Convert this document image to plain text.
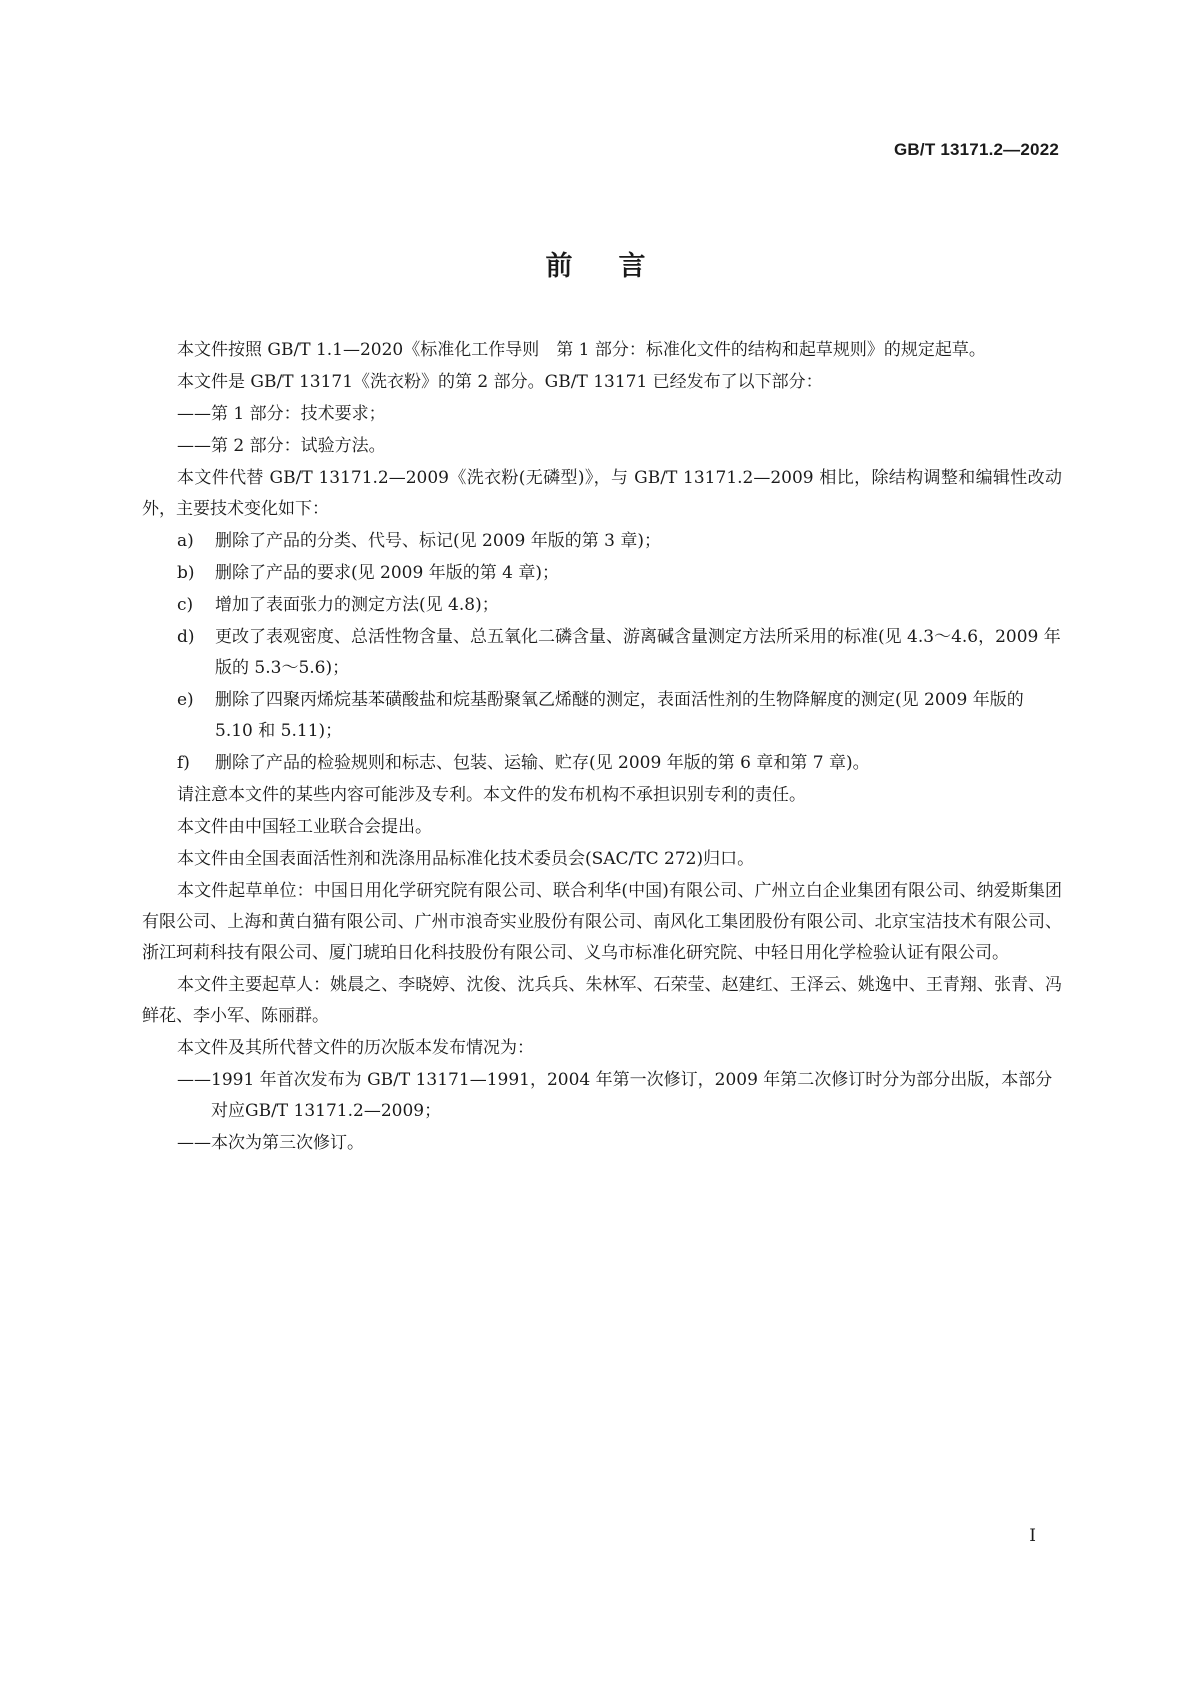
GB/T 13171.2—2022
前言

本文件按照 GB/T 1.1—2020《标准化工作导则　第 1 部分：标准化文件的结构和起草规则》的规定起草。

本文件是 GB/T 13171《洗衣粉》的第 2 部分。GB/T 13171 已经发布了以下部分：

——第 1 部分：技术要求；

——第 2 部分：试验方法。

本文件代替 GB/T 13171.2—2009《洗衣粉(无磷型)》，与 GB/T 13171.2—2009 相比，除结构调整和编辑性改动外，主要技术变化如下：

a) 删除了产品的分类、代号、标记(见 2009 年版的第 3 章)；

b) 删除了产品的要求(见 2009 年版的第 4 章)；

c) 增加了表面张力的测定方法(见 4.8)；

d) 更改了表观密度、总活性物含量、总五氧化二磷含量、游离碱含量测定方法所采用的标准(见 4.3～4.6，2009 年版的 5.3～5.6)；

e) 删除了四聚丙烯烷基苯磺酸盐和烷基酚聚氧乙烯醚的测定，表面活性剂的生物降解度的测定(见 2009 年版的 5.10 和 5.11)；

f) 删除了产品的检验规则和标志、包装、运输、贮存(见 2009 年版的第 6 章和第 7 章)。

请注意本文件的某些内容可能涉及专利。本文件的发布机构不承担识别专利的责任。

本文件由中国轻工业联合会提出。

本文件由全国表面活性剂和洗涤用品标准化技术委员会(SAC/TC 272)归口。

本文件起草单位：中国日用化学研究院有限公司、联合利华(中国)有限公司、广州立白企业集团有限公司、纳爱斯集团有限公司、上海和黄白猫有限公司、广州市浪奇实业股份有限公司、南风化工集团股份有限公司、北京宝洁技术有限公司、浙江珂莉科技有限公司、厦门琥珀日化科技股份有限公司、义乌市标准化研究院、中轻日用化学检验认证有限公司。

本文件主要起草人：姚晨之、李晓婷、沈俊、沈兵兵、朱林军、石荣莹、赵建红、王泽云、姚逸中、王青翔、张青、冯鲜花、李小军、陈丽群。

本文件及其所代替文件的历次版本发布情况为：

——1991 年首次发布为 GB/T 13171—1991，2004 年第一次修订，2009 年第二次修订时分为部分出版，本部分对应GB/T 13171.2—2009；

——本次为第三次修订。

I
